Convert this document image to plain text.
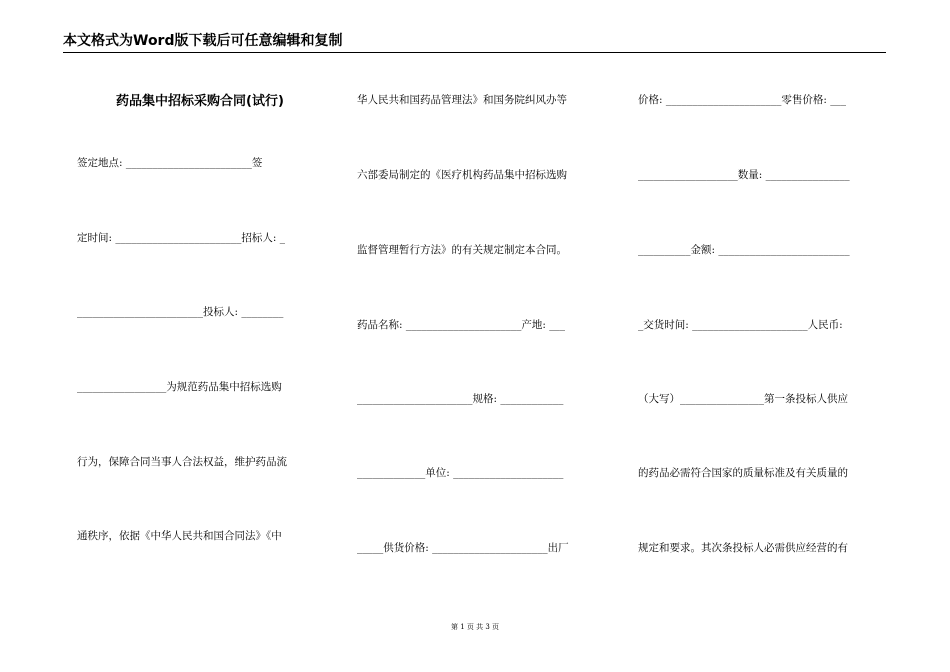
本文格式为Word版下载后可任意编辑和复制
药品集中招标采购合同(试行)
签定地点: ________________________签
定时间: ________________________招标人: _
________________________投标人: ________
_________________为规范药品集中招标选购
行为，保障合同当事人合法权益，维护药品流
通秩序，依据《中华人民共和国合同法》《中
华人民共和国药品管理法》和国务院纠风办等
六部委局制定的《医疗机构药品集中招标选购
监督管理暂行方法》的有关规定制定本合同。
药品名称: ______________________产地: ___
______________________规格: ____________
_____________单位: _____________________
_____供货价格: ______________________出厂
价格: ______________________零售价格: ___
___________________数量: ________________
__________金额: _________________________
_交货时间: ______________________人民币:
（大写）________________第一条投标人供应
的药品必需符合国家的质量标准及有关质量的
规定和要求。其次条投标人必需供应经营的有
第 1 页 共 3 页
